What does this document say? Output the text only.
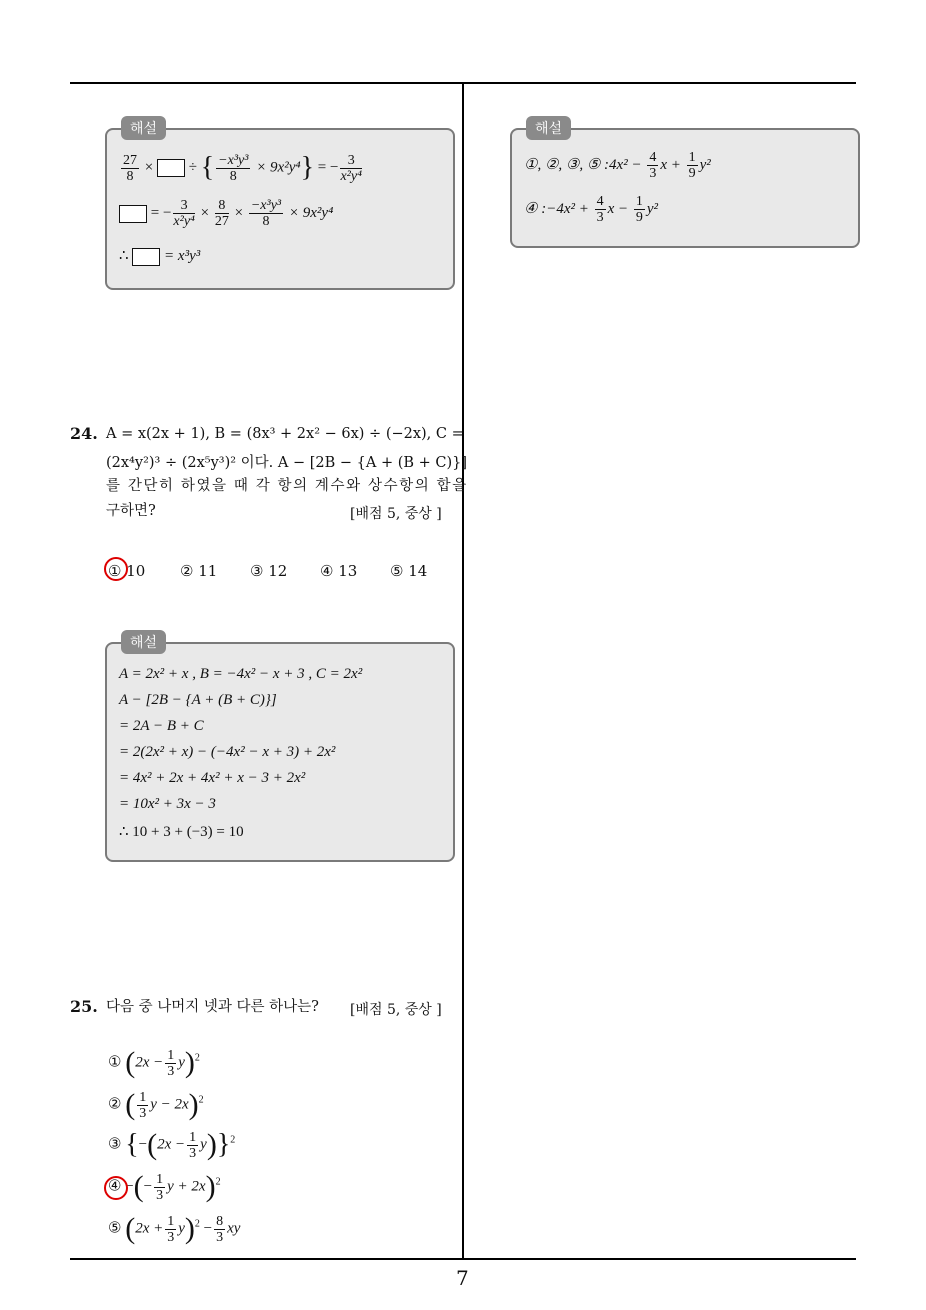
해설
$\frac{27}{8}$ ×  ÷ { $\frac{\text{−x³y³}}{8} \times 9x^2y^4$} = − $\frac{3}{\text{x²y⁴}}$
= − $\frac{3}{\text{x²y⁴}} \times \frac{8}{27} \times \frac{\text{−x³y³}}{8} \times 9x^2y^4$
∴  = x³y³
해설
①, ②, ③, ⑤ :4x² − $\frac{4}{3}$ $x + \frac{1}{9} y^2$
④ :−4x² + $\frac{4}{3}$ $x - \frac{1}{9} y^2$
24. A = x(2x + 1), B = (8x³ + 2x² − 6x) ÷ (−2x), C =
(2x⁴y²)³ ÷ (2x⁵y³)² 이다. A − [2B − {A + (B + C)}]
를 간단히 하였을 때 각 항의 계수와 상수항의 합을
구하면?	[배점 5, 중상 ]
① 10 ② 11 ③ 12 ④ 13 ⑤ 14
해설
A = 2x² + x , B = −4x² − x + 3 , C = 2x²
A − [2B − {A + (B + C)}]
= 2A − B + C
= 2(2x² + x) − (−4x² − x + 3) + 2x²
= 4x² + 2x + 4x² + x − 3 + 2x²
= 10x² + 3x − 3
∴ 10 + 3 + (−3) = 10
25. 다음 중 나머지 넷과 다른 하나는? [배점 5, 중상 ]
① $(2x - \frac{1}{3} y)^2$
② ( $\frac{1}{3}$ y − 2x)$^2$
③ $\{-(2x - \frac{1}{3} y)\}^2$
④ −(− $\frac{1}{3}$ y + 2x)$^2$
⑤ $(2x + \frac{1}{3} y)^2 - \frac{8}{3}$ xy
7
